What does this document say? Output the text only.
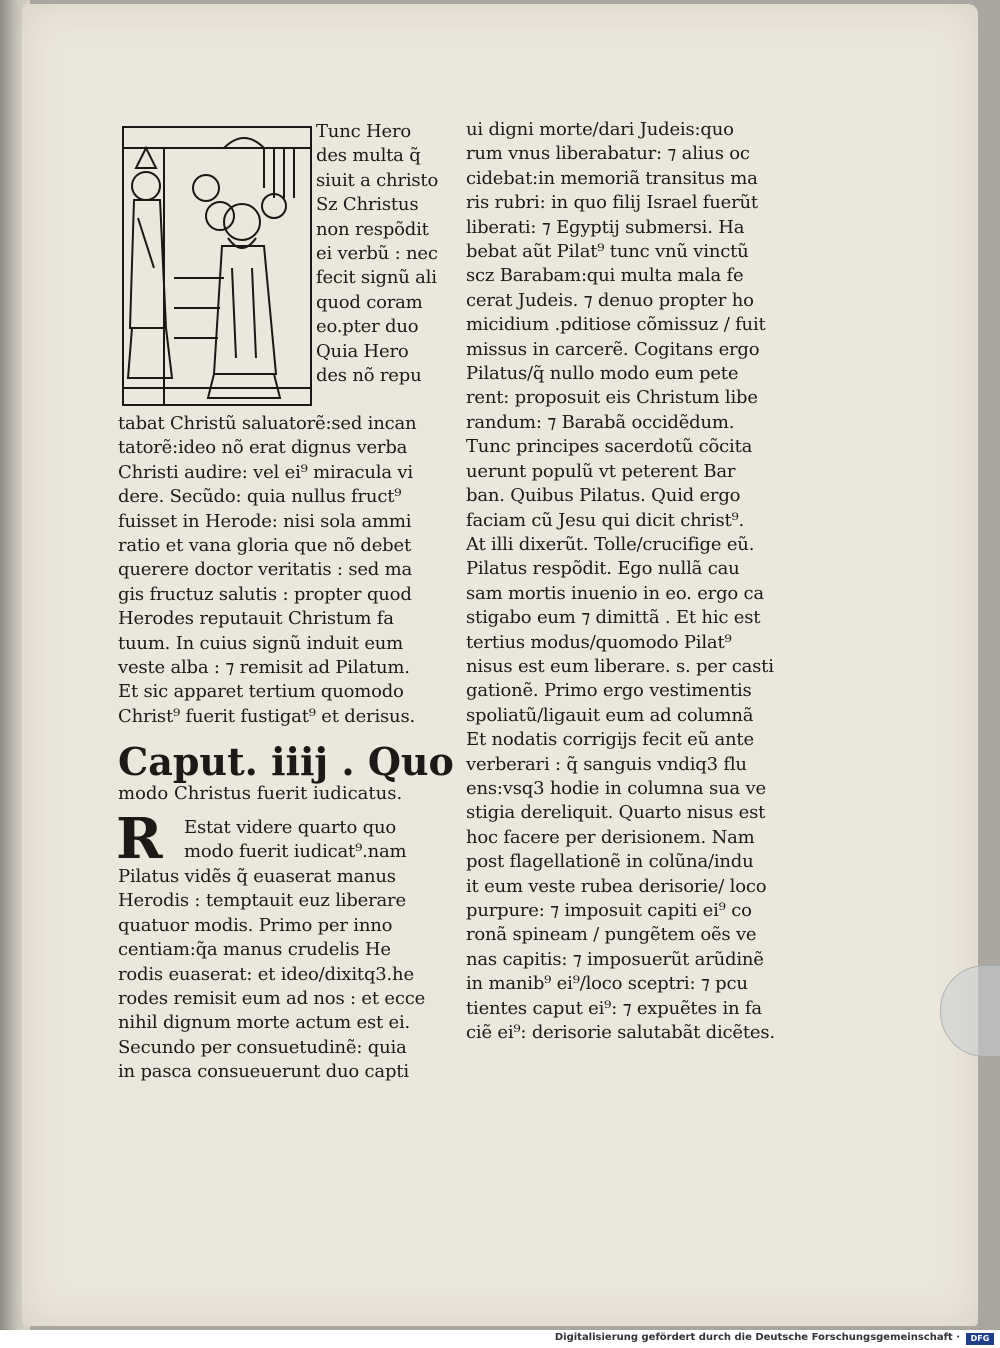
Tunc Hero
des multa q̃
siuit a christo
Sz Christus
non respõdit
ei verbũ : nec
fecit signũ ali
quod coram
eo.pter duo
Quia Hero
des nõ repu
tabat Christũ saluatorẽ:sed incan
tatorẽ:ideo nõ erat dignus verba
Christi audire: vel ei⁹ miracula vi
dere. Secũdo: quia nullus fruct⁹
fuisset in Herode: nisi sola ammi
ratio et vana gloria que nõ debet
querere doctor veritatis : sed ma
gis fructuz salutis : propter quod
Herodes reputauit Christum fa
tuum. In cuius signũ induit eum
veste alba : ⁊ remisit ad Pilatum.
Et sic apparet tertium quomodo
Christ⁹ fuerit fustigat⁹ et derisus.
Caput. iiij . Quo
modo Christus fuerit iudicatus.
R	Estat videre quarto quo
modo fuerit iudicat⁹.nam
Pilatus vidẽs q̃ euaserat manus
Herodis : temptauit euz liberare
quatuor modis. Primo per inno
centiam:q̃a manus crudelis He
rodis euaserat: et ideo/dixitq3.he
rodes remisit eum ad nos : et ecce
nihil dignum morte actum est ei.
Secundo per consuetudinẽ: quia
in pasca consueuerunt duo capti
ui digni morte/dari Judeis:quo
rum vnus liberabatur: ⁊ alius oc
cidebat:in memoriã transitus ma
ris rubri: in quo filij Israel fuerũt
liberati: ⁊ Egyptij submersi. Ha
bebat aũt Pilat⁹ tunc vnũ vinctũ
scz Barabam:qui multa mala fe
cerat Judeis. ⁊ denuo propter ho
micidium .pditiose cõmissuz / fuit
missus in carcerẽ. Cogitans ergo
Pilatus/q̃ nullo modo eum pete
rent: proposuit eis Christum libe
randum: ⁊ Barabã occidẽdum.
Tunc principes sacerdotũ cõcita
uerunt populũ vt peterent Bar
ban. Quibus Pilatus. Quid ergo
faciam cũ Jesu qui dicit christ⁹.
At illi dixerũt. Tolle/crucifige eũ.
Pilatus respõdit. Ego nullã cau
sam mortis inuenio in eo. ergo ca
stigabo eum ⁊ dimittã . Et hic est
tertius modus/quomodo Pilat⁹
nisus est eum liberare. s. per casti
gationẽ. Primo ergo vestimentis
spoliatũ/ligauit eum ad columnã
Et nodatis corrigijs fecit eũ ante
verberari : q̃ sanguis vndiq3 flu
ens:vsq3 hodie in columna sua ve
stigia dereliquit. Quarto nisus est
hoc facere per derisionem. Nam
post flagellationẽ in colũna/indu
it eum veste rubea derisorie/ loco
purpure: ⁊ imposuit capiti ei⁹ co
ronã spineam / pungẽtem oẽs ve
nas capitis: ⁊ imposuerũt arũdinẽ
in manib⁹ ei⁹/loco sceptri: ⁊ pcu
tientes caput ei⁹: ⁊ expuẽtes in fa
ciẽ ei⁹: derisorie salutabãt dicẽtes.
Digitalisierung gefördert durch die Deutsche Forschungsgemeinschaft ·	DFG
